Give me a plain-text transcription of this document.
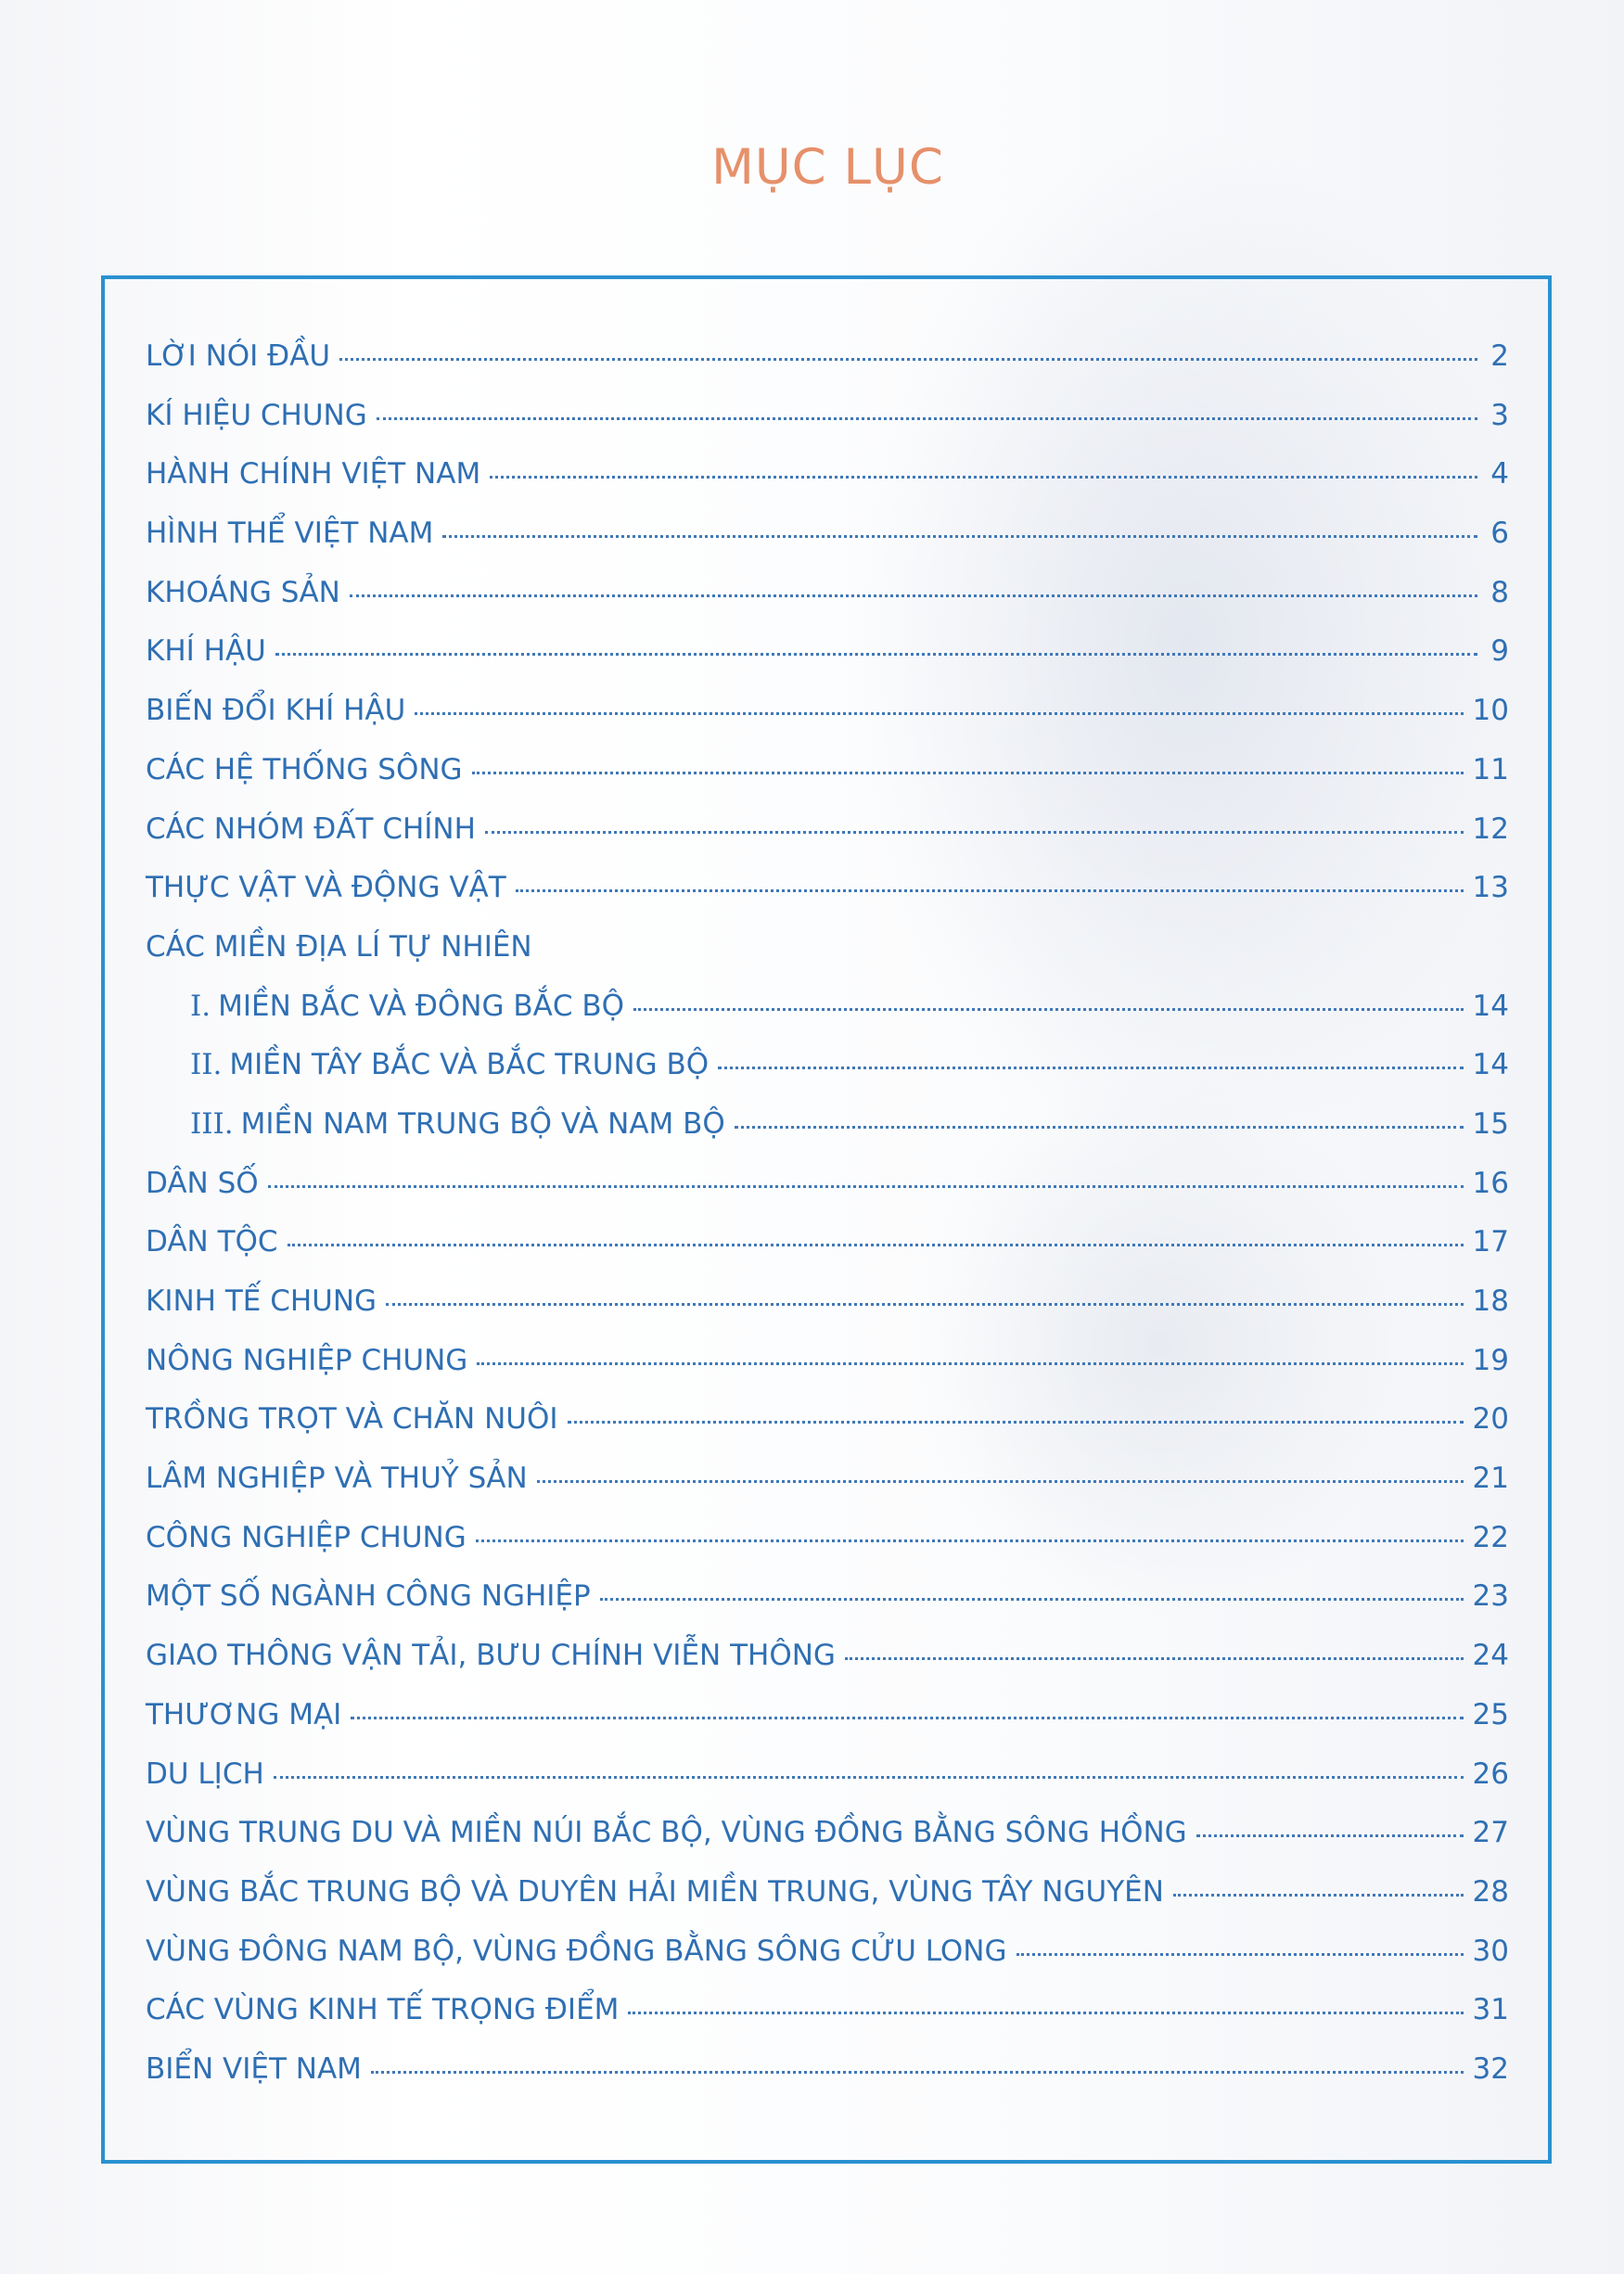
MỤC LỤC
LỜI NÓI ĐẦU	2
KÍ HIỆU CHUNG	3
HÀNH CHÍNH VIỆT NAM	4
HÌNH THỂ VIỆT NAM	6
KHOÁNG SẢN	8
KHÍ HẬU	9
BIẾN ĐỔI KHÍ HẬU	10
CÁC HỆ THỐNG SÔNG	11
CÁC NHÓM ĐẤT CHÍNH	12
THỰC VẬT VÀ ĐỘNG VẬT	13
CÁC MIỀN ĐỊA LÍ TỰ NHIÊN
I. MIỀN BẮC VÀ ĐÔNG BẮC BỘ	14
II. MIỀN TÂY BẮC VÀ BẮC TRUNG BỘ	14
III. MIỀN NAM TRUNG BỘ VÀ NAM BỘ	15
DÂN SỐ	16
DÂN TỘC	17
KINH TẾ CHUNG	18
NÔNG NGHIỆP CHUNG	19
TRỒNG TRỌT VÀ CHĂN NUÔI	20
LÂM NGHIỆP VÀ THUỶ SẢN	21
CÔNG NGHIỆP CHUNG	22
MỘT SỐ NGÀNH CÔNG NGHIỆP	23
GIAO THÔNG VẬN TẢI, BƯU CHÍNH VIỄN THÔNG	24
THƯƠNG MẠI	25
DU LỊCH	26
VÙNG TRUNG DU VÀ MIỀN NÚI BẮC BỘ, VÙNG ĐỒNG BẰNG SÔNG HỒNG	27
VÙNG BẮC TRUNG BỘ VÀ DUYÊN HẢI MIỀN TRUNG, VÙNG TÂY NGUYÊN	28
VÙNG ĐÔNG NAM BỘ, VÙNG ĐỒNG BẰNG SÔNG CỬU LONG	30
CÁC VÙNG KINH TẾ TRỌNG ĐIỂM	31
BIỂN VIỆT NAM	32
